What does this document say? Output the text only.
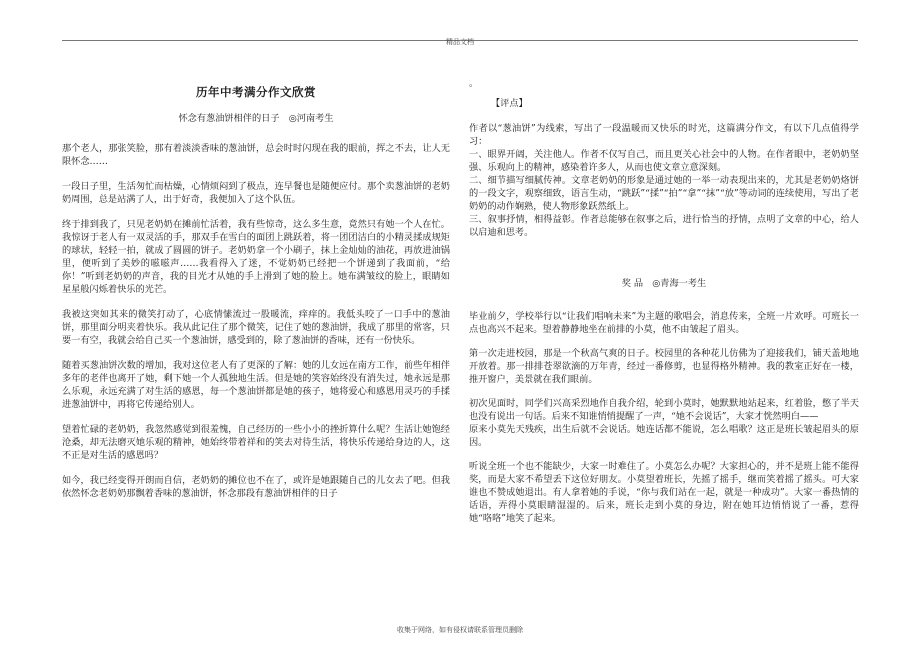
精品文档
历年中考满分作文欣赏
怀念有葱油饼相伴的日子　◎河南考生

那个老人，那张笑脸，那有着淡淡香味的葱油饼，总会时时闪现在我的眼前，挥之不去，让人无限怀念……

一段日子里，生活匆忙而枯燥，心情烦闷到了极点，连早餐也是随便应付。那个卖葱油饼的老奶奶周围，总是站满了人，出于好奇，我便加入了这个队伍。

终于排到我了，只见老奶奶在摊前忙活着，我有些惊奇，这么多生意，竟然只有她一个人在忙。我惊讶于老人有一双灵活的手，那双手在雪白的面团上跳跃着，将一团团洁白的小精灵揉成规矩的球状，轻轻一拍，就成了圆圆的饼子。老奶奶拿一个小刷子，抹上金灿灿的油花，再放进油锅里，便听到了美妙的嗞嗞声……我看得入了迷，不觉奶奶已经把一个饼递到了我面前，“给你！”听到老奶奶的声音，我的目光才从她的手上滑到了她的脸上。她布满皱纹的脸上，眼睛如星星般闪烁着快乐的光芒。

我被这突如其来的微笑打动了，心底情愫流过一股暖流，痒痒的。我低头咬了一口手中的葱油饼，那里面分明夹着快乐。我从此记住了那个微笑，记住了她的葱油饼，我成了那里的常客，只要一有空，我就会给自己买一个葱油饼，感受到的，除了葱油饼的香味，还有一份快乐。

随着买葱油饼次数的增加，我对这位老人有了更深的了解：她的儿女远在南方工作，前些年相伴多年的老伴也离开了她，剩下她一个人孤独地生活。但是她的笑容始终没有消失过，她永远是那么乐观，永远充满了对生活的感恩，每一个葱油饼都是她的孩子，她将爱心和感恩用灵巧的手揉进葱油饼中，再将它传递给别人。

望着忙碌的老奶奶，我忽然感觉到很羞愧，自己经历的一些小小的挫折算什么呢？生活让她饱经沧桑，却无法磨灭她乐观的精神，她始终带着祥和的笑去对待生活，将快乐传递给身边的人，这不正是对生活的感恩吗？

如今，我已经变得开朗而自信，老奶奶的摊位也不在了，或许是她跟随自己的儿女去了吧。但我依然怀念老奶奶那飘着香味的葱油饼，怀念那段有葱油饼相伴的日子

。
【评点】

作者以“葱油饼”为线索，写出了一段温暖而又快乐的时光，这篇满分作文，有以下几点值得学习：

一、眼界开阔，关注他人。作者不仅写自己，而且更关心社会中的人物。在作者眼中，老奶奶坚强、乐观向上的精神，感染着许多人，从而也使文章立意深刻。

二、细节描写细腻传神。文章老奶奶的形象是通过她的一举一动表现出来的，尤其是老奶奶烙饼的一段文字，观察细致，语言生动，“跳跃”“揉”“拍”“拿”“抹”“放”等动词的连续使用，写出了老奶奶的动作娴熟，使人物形象跃然纸上。

三、叙事抒情，相得益彰。作者总能够在叙事之后，进行恰当的抒情，点明了文章的中心，给人以启迪和思考。

奖 品　◎青海一考生

毕业前夕，学校举行以“让我们唱响未来”为主题的歌唱会，消息传来，全班一片欢呼。可班长一点也高兴不起来。望着静静地坐在前排的小莫，他不由皱起了眉头。

第一次走进校园，那是一个秋高气爽的日子。校园里的各种花儿仿佛为了迎接我们，铺天盖地地开放着。那一排排苍翠欲滴的万年青，经过一番修剪，也显得格外精神。我的教室正好在一楼，推开窗户，美景就在我们眼前。

初次见面时，同学们兴高采烈地作自我介绍，轮到小莫时，她默默地站起来，红着脸，憋了半天也没有说出一句话。后来不知谁悄悄提醒了一声，“她不会说话”，大家才恍然明白——
原来小莫先天残疾，出生后就不会说话。她连话都不能说，怎么唱歌？这正是班长皱起眉头的原因。

听说全班一个也不能缺少，大家一时难住了。小莫怎么办呢？大家担心的，并不是班上能不能得奖，而是大家不希望丢下这位好朋友。小莫望着班长，先摇了摇手，继而笑着摇了摇头。可大家谁也不赞成她退出。有人拿着她的手说，“你与我们站在一起，就是一种成功”。大家一番热情的话语，弄得小莫眼睛湿湿的。后来，班长走到小莫的身边，附在她耳边悄悄说了一番，惹得她“咯咯”地笑了起来。

收集于网络，如有侵权请联系管理员删除
